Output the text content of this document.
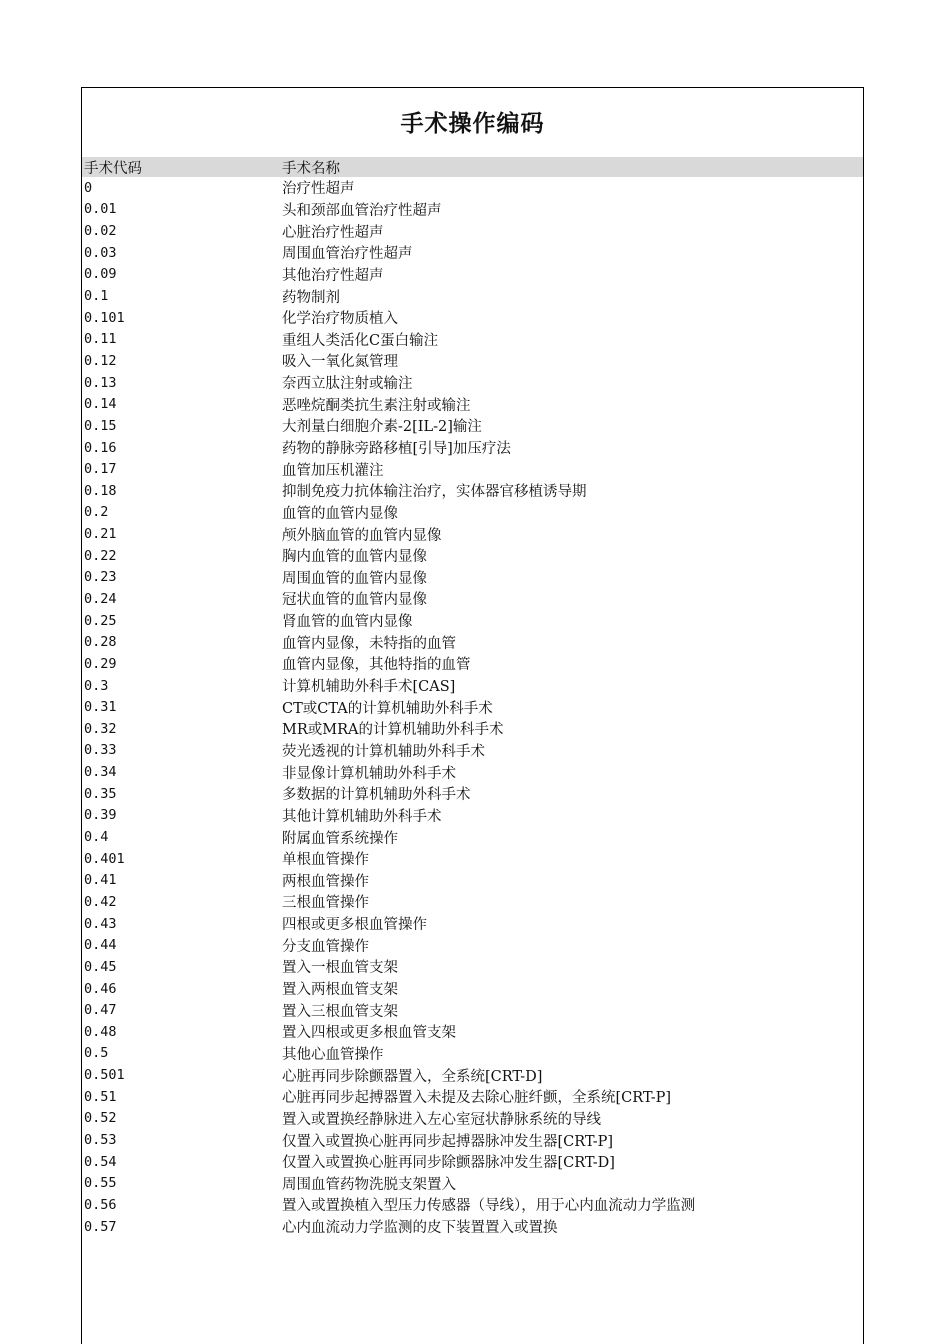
手术操作编码
手术代码	手术名称
0	治疗性超声
0.01	头和颈部血管治疗性超声
0.02	心脏治疗性超声
0.03	周围血管治疗性超声
0.09	其他治疗性超声
0.1	药物制剂
0.101	化学治疗物质植入
0.11	重组人类活化C蛋白输注
0.12	吸入一氧化氮管理
0.13	奈西立肽注射或输注
0.14	恶唑烷酮类抗生素注射或输注
0.15	大剂量白细胞介素-2[IL-2]输注
0.16	药物的静脉旁路移植[引导]加压疗法
0.17	血管加压机灌注
0.18	抑制免疫力抗体输注治疗，实体器官移植诱导期
0.2	血管的血管内显像
0.21	颅外脑血管的血管内显像
0.22	胸内血管的血管内显像
0.23	周围血管的血管内显像
0.24	冠状血管的血管内显像
0.25	肾血管的血管内显像
0.28	血管内显像，未特指的血管
0.29	血管内显像，其他特指的血管
0.3	计算机辅助外科手术[CAS]
0.31	CT或CTA的计算机辅助外科手术
0.32	MR或MRA的计算机辅助外科手术
0.33	荧光透视的计算机辅助外科手术
0.34	非显像计算机辅助外科手术
0.35	多数据的计算机辅助外科手术
0.39	其他计算机辅助外科手术
0.4	附属血管系统操作
0.401	单根血管操作
0.41	两根血管操作
0.42	三根血管操作
0.43	四根或更多根血管操作
0.44	分支血管操作
0.45	置入一根血管支架
0.46	置入两根血管支架
0.47	置入三根血管支架
0.48	置入四根或更多根血管支架
0.5	其他心血管操作
0.501	心脏再同步除颤器置入，全系统[CRT-D]
0.51	心脏再同步起搏器置入未提及去除心脏纤颤，全系统[CRT-P]
0.52	置入或置换经静脉进入左心室冠状静脉系统的导线
0.53	仅置入或置换心脏再同步起搏器脉冲发生器[CRT-P]
0.54	仅置入或置换心脏再同步除颤器脉冲发生器[CRT-D]
0.55	周围血管药物洗脱支架置入
0.56	置入或置换植入型压力传感器（导线），用于心内血流动力学监测
0.57	心内血流动力学监测的皮下装置置入或置换
